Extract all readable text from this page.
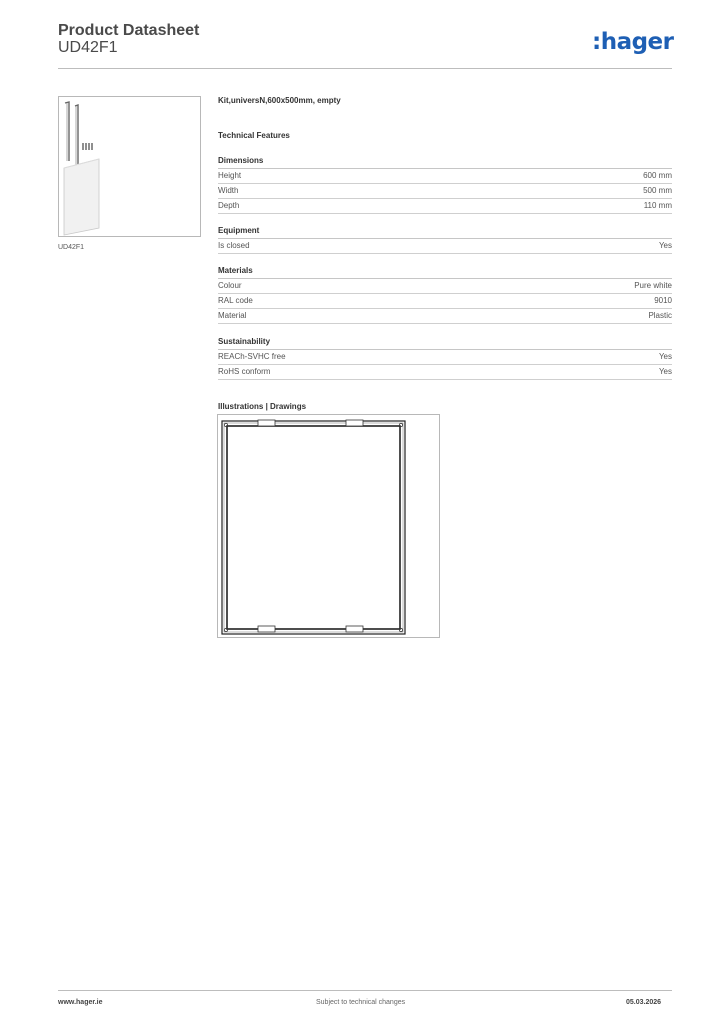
Product Datasheet
UD42F1	:hager
UD42F1
Kit,universN,600x500mm, empty
Technical Features
Dimensions
Height	600 mm
Width	500 mm
Depth	110 mm
Equipment
Is closed	Yes
Materials
Colour	Pure white
RAL code	9010
Material	Plastic
Sustainability
REACh-SVHC free	Yes
RoHS conform	Yes
Illustrations | Drawings
www.hager.ie	Subject to technical changes	05.03.2026
